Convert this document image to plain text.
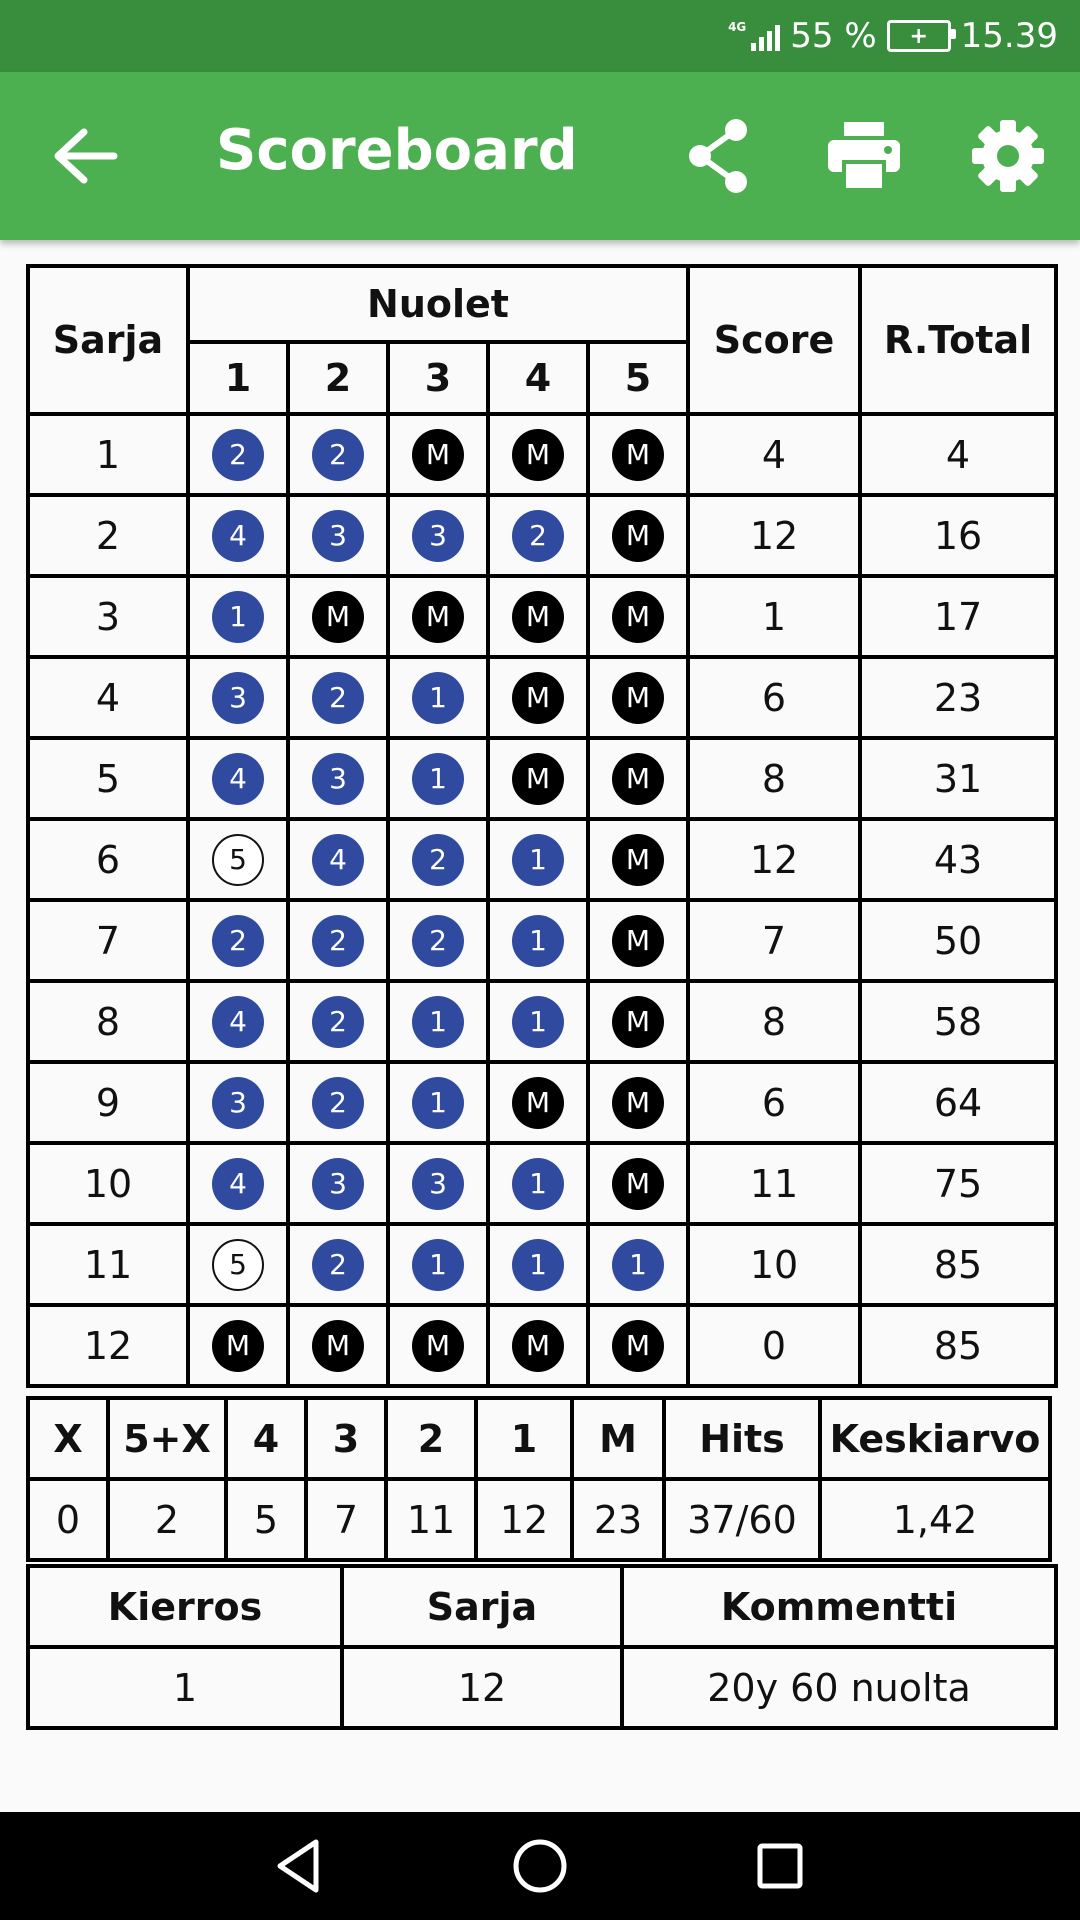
4G 55 %	+ 15.39
Scoreboard
Sarja	Nuolet					Score	R.Total
	1	2	3	4	5		
1	2	2	M	M	M	4	4
2	4	3	3	2	M	12	16
3	1	M	M	M	M	1	17
4	3	2	1	M	M	6	23
5	4	3	1	M	M	8	31
6	5	4	2	1	M	12	43
7	2	2	2	1	M	7	50
8	4	2	1	1	M	8	58
9	3	2	1	M	M	6	64
10	4	3	3	1	M	11	75
11	5	2	1	1	1	10	85
12	M	M	M	M	M	0	85
X	5+X	4	3	2	1	M	Hits	Keskiarvo
0	2	5	7	11	12	23	37/60	1,42
Kierros	Sarja	Kommentti
1	12	20y 60 nuolta
